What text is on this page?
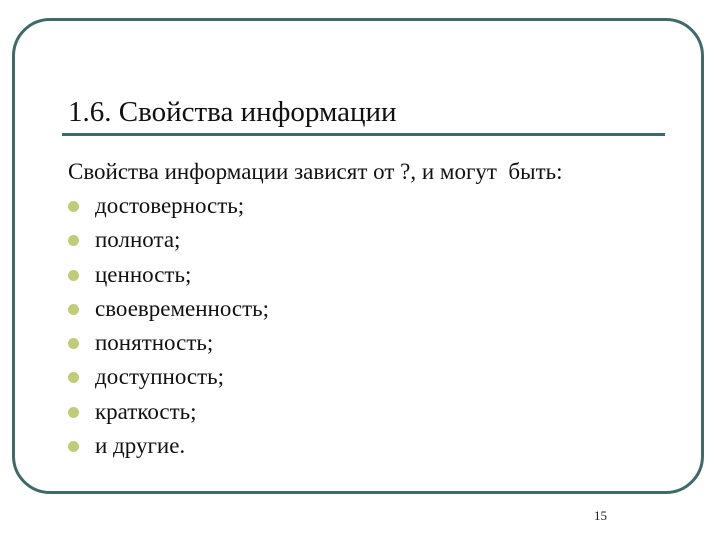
1.6. Свойства информации
Свойства информации зависят от ?, и могут  быть:
достоверность;
полнота;
ценность;
своевременность;
понятность;
доступность;
краткость;
и другие.
15
